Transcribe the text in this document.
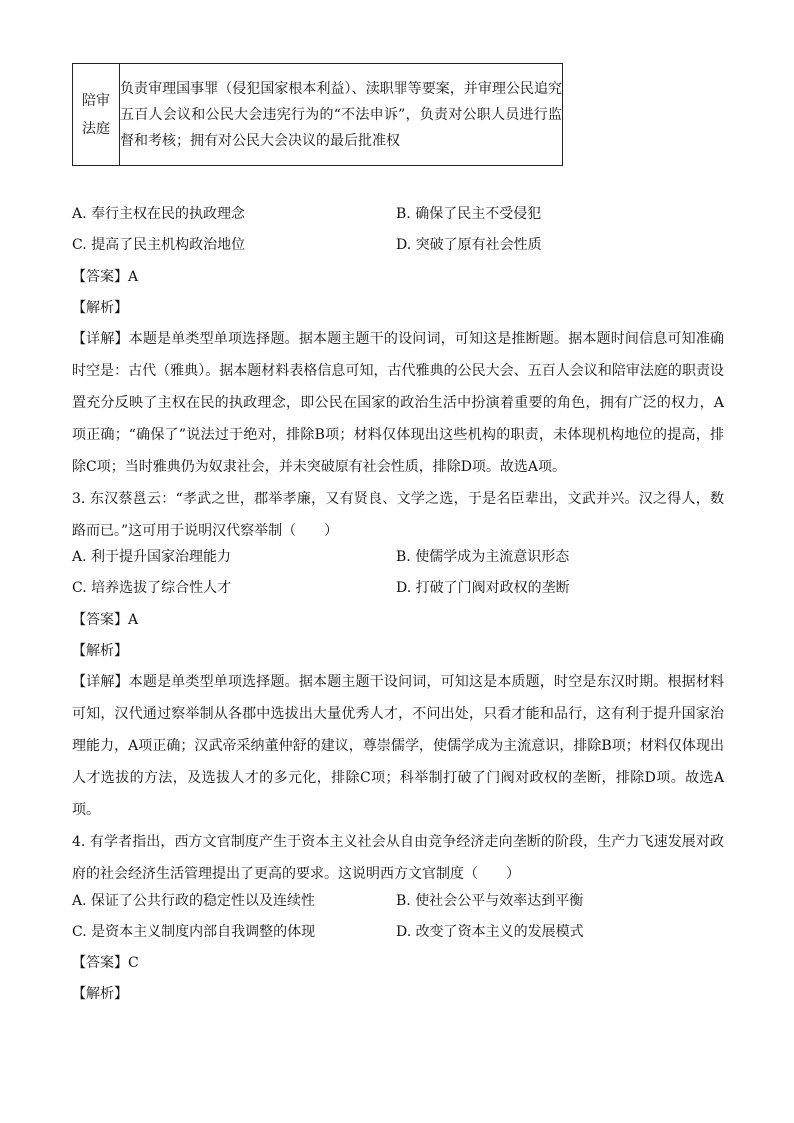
陪审法庭
	负责审理国事罪（侵犯国家根本利益）、渎职罪等要案，并审理公民追究五百人会议和公民大会违宪行为的“不法申诉”，负责对公职人员进行监督和考核；拥有对公民大会决议的最后批准权
A. 奉行主权在民的执政理念	B. 确保了民主不受侵犯
C. 提高了民主机构政治地位	D. 突破了原有社会性质
【答案】A
【解析】
【详解】本题是单类型单项选择题。据本题主题干的设问词，可知这是推断题。据本题时间信息可知准确时空是：古代（雅典）。据本题材料表格信息可知，古代雅典的公民大会、五百人会议和陪审法庭的职责设置充分反映了主权在民的执政理念，即公民在国家的政治生活中扮演着重要的角色，拥有广泛的权力，A项正确；“确保了”说法过于绝对，排除B项；材料仅体现出这些机构的职责，未体现机构地位的提高，排除C项；当时雅典仍为奴隶社会，并未突破原有社会性质，排除D项。故选A项。
3. 东汉蔡邕云：“孝武之世，郡举孝廉，又有贤良、文学之选，于是名臣辈出，文武并兴。汉之得人，数路而已。”这可用于说明汉代察举制（　　）
A. 利于提升国家治理能力	B. 使儒学成为主流意识形态
C. 培养选拔了综合性人才	D. 打破了门阀对政权的垄断
【答案】A
【解析】
【详解】本题是单类型单项选择题。据本题主题干设问词，可知这是本质题，时空是东汉时期。根据材料可知，汉代通过察举制从各郡中选拔出大量优秀人才，不问出处，只看才能和品行，这有利于提升国家治理能力，A项正确；汉武帝采纳董仲舒的建议，尊崇儒学，使儒学成为主流意识，排除B项；材料仅体现出人才选拔的方法，及选拔人才的多元化，排除C项；科举制打破了门阀对政权的垄断，排除D项。故选A项。
4. 有学者指出，西方文官制度产生于资本主义社会从自由竞争经济走向垄断的阶段，生产力飞速发展对政府的社会经济生活管理提出了更高的要求。这说明西方文官制度（　　）
A. 保证了公共行政的稳定性以及连续性	B. 使社会公平与效率达到平衡
C. 是资本主义制度内部自我调整的体现	D. 改变了资本主义的发展模式
【答案】C
【解析】
